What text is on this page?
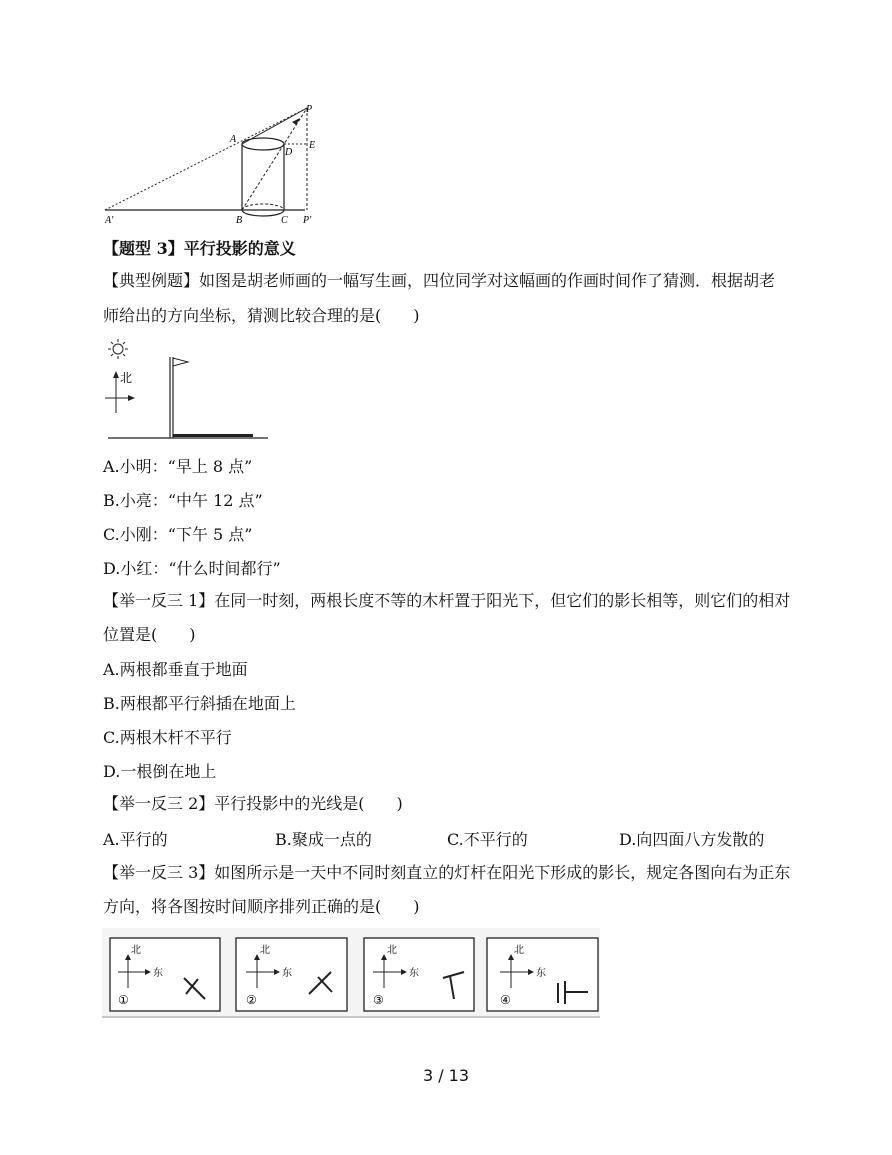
P
A
D
E
A'	B	C P'
【题型 3】平行投影的意义
【典型例题】如图是胡老师画的一幅写生画，四位同学对这幅画的作画时间作了猜测．根据胡老
师给出的方向坐标，猜测比较合理的是(　　)
北
A.小明：“早上 8 点”
B.小亮：“中午 12 点”
C.小刚：“下午 5 点”
D.小红：“什么时间都行”
【举一反三 1】在同一时刻，两根长度不等的木杆置于阳光下，但它们的影长相等，则它们的相对
位置是(　　)
A.两根都垂直于地面
B.两根都平行斜插在地面上
C.两根木杆不平行
D.一根倒在地上
【举一反三 2】平行投影中的光线是(　　)
A.平行的	B.聚成一点的	C.不平行的	D.向四面八方发散的
【举一反三 3】如图所示是一天中不同时刻直立的灯杆在阳光下形成的影长，规定各图向右为正东
方向，将各图按时间顺序排列正确的是(　　)
北
东
①
北
东
②
北
东
③
北
东
④
3 / 13
